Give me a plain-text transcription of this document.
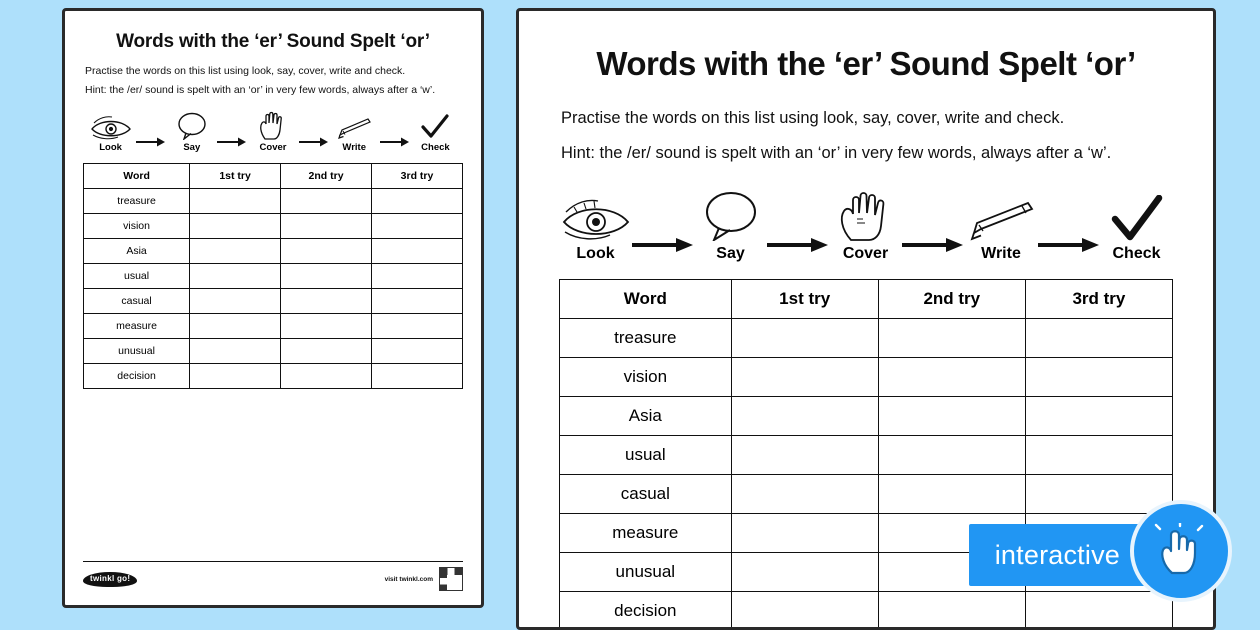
Words with the ‘er’ Sound Spelt ‘or’
Practise the words on this list using look, say, cover, write and check.
Hint: the /er/ sound is spelt with an ‘or’ in very few words, always after a ‘w’.
Look	Say	Cover	Write	Check
Word	1st try	2nd try	3rd try
treasure			
vision			
Asia			
usual			
casual			
measure			
unusual			
decision			
twinkl go!	visit twinkl.com
Words with the ‘er’ Sound Spelt ‘or’
Practise the words on this list using look, say, cover, write and check.
Hint: the /er/ sound is spelt with an ‘or’ in very few words, always after a ‘w’.
Look	Say	Cover	Write	Check
Word	1st try	2nd try	3rd try
treasure			
vision			
Asia			
usual			
casual			
measure			
unusual			
decision			
interactive
